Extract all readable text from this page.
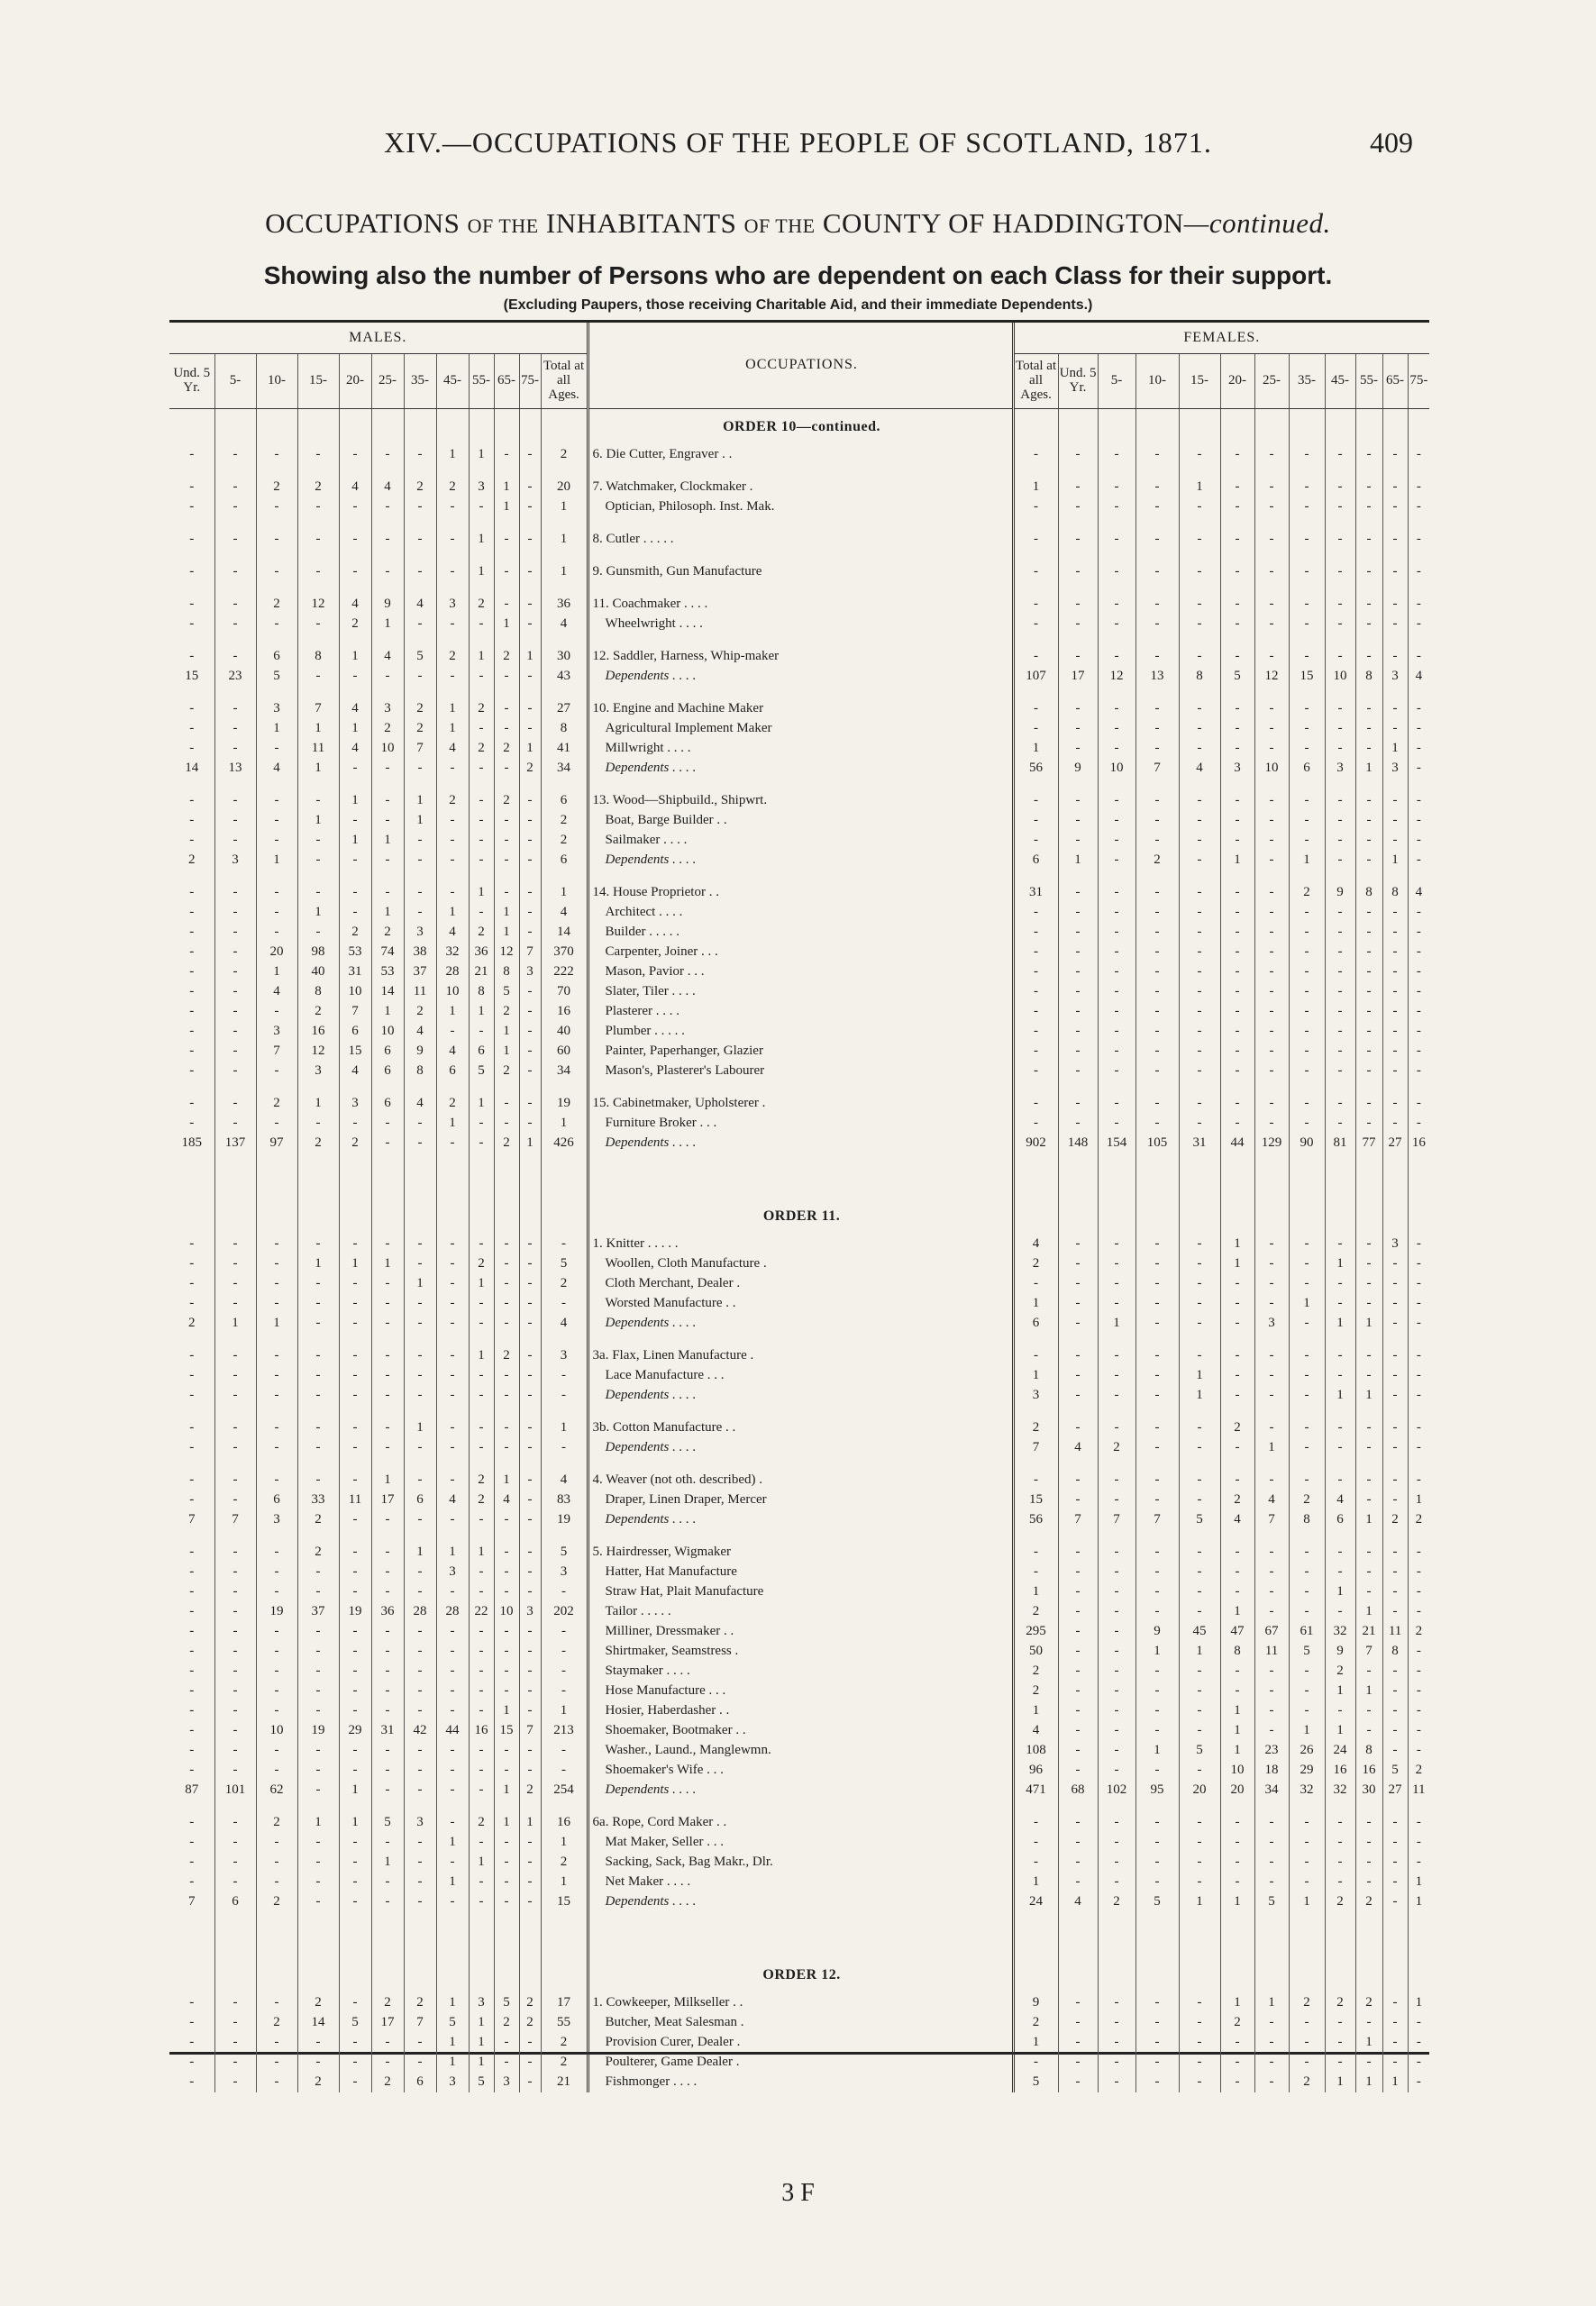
XIV.—OCCUPATIONS OF THE PEOPLE OF SCOTLAND, 1871.	409
OCCUPATIONS OF THE INHABITANTS OF THE COUNTY OF HADDINGTON—continued.
Showing also the number of Persons who are dependent on each Class for their support.
(Excluding Paupers, those receiving Charitable Aid, and their immediate Dependents.)
MALES.												OCCUPATIONS.	FEMALES.											
Und. 5 Yr.	5-	10-	15-	20-	25-	35-	45-	55-	65-	75-	Total at all Ages.		Total at all Ages.	Und. 5 Yr.	5-	10-	15-	20-	25-	35-	45-	55-	65-	75-
												ORDER 10—continued.												
-	-	-	-	-	-	-	1	1	-	-	2	6. Die Cutter, Engraver . .	-	-	-	-	-	-	-	-	-	-	-	-

-	-	2	2	4	4	2	2	3	1	-	20	7. Watchmaker, Clockmaker .	1	-	-	-	1	-	-	-	-	-	-	-
-	-	-	-	-	-	-	-	-	1	-	1	Optician, Philosoph. Inst. Mak.	-	-	-	-	-	-	-	-	-	-	-	-

-	-	-	-	-	-	-	-	1	-	-	1	8. Cutler . . . . .	-	-	-	-	-	-	-	-	-	-	-	-

-	-	-	-	-	-	-	-	1	-	-	1	9. Gunsmith, Gun Manufacture	-	-	-	-	-	-	-	-	-	-	-	-

-	-	2	12	4	9	4	3	2	-	-	36	11. Coachmaker . . . .	-	-	-	-	-	-	-	-	-	-	-	-
-	-	-	-	2	1	-	-	-	1	-	4	Wheelwright . . . .	-	-	-	-	-	-	-	-	-	-	-	-

-	-	6	8	1	4	5	2	1	2	1	30	12. Saddler, Harness, Whip-maker	-	-	-	-	-	-	-	-	-	-	-	-
15	23	5	-	-	-	-	-	-	-	-	43	Dependents . . . .	107	17	12	13	8	5	12	15	10	8	3	4

-	-	3	7	4	3	2	1	2	-	-	27	10. Engine and Machine Maker	-	-	-	-	-	-	-	-	-	-	-	-
-	-	1	1	1	2	2	1	-	-	-	8	Agricultural Implement Maker	-	-	-	-	-	-	-	-	-	-	-	-
-	-	-	11	4	10	7	4	2	2	1	41	Millwright . . . .	1	-	-	-	-	-	-	-	-	-	1	-
14	13	4	1	-	-	-	-	-	-	2	34	Dependents . . . .	56	9	10	7	4	3	10	6	3	1	3	-

-	-	-	-	1	-	1	2	-	2	-	6	13. Wood—Shipbuild., Shipwrt.	-	-	-	-	-	-	-	-	-	-	-	-
-	-	-	1	-	-	1	-	-	-	-	2	Boat, Barge Builder . .	-	-	-	-	-	-	-	-	-	-	-	-
-	-	-	-	1	1	-	-	-	-	-	2	Sailmaker . . . .	-	-	-	-	-	-	-	-	-	-	-	-
2	3	1	-	-	-	-	-	-	-	-	6	Dependents . . . .	6	1	-	2	-	1	-	1	-	-	1	-

-	-	-	-	-	-	-	-	1	-	-	1	14. House Proprietor . .	31	-	-	-	-	-	-	2	9	8	8	4
-	-	-	1	-	1	-	1	-	1	-	4	Architect . . . .	-	-	-	-	-	-	-	-	-	-	-	-
-	-	-	-	2	2	3	4	2	1	-	14	Builder . . . . .	-	-	-	-	-	-	-	-	-	-	-	-
-	-	20	98	53	74	38	32	36	12	7	370	Carpenter, Joiner . . .	-	-	-	-	-	-	-	-	-	-	-	-
-	-	1	40	31	53	37	28	21	8	3	222	Mason, Pavior . . .	-	-	-	-	-	-	-	-	-	-	-	-
-	-	4	8	10	14	11	10	8	5	-	70	Slater, Tiler . . . .	-	-	-	-	-	-	-	-	-	-	-	-
-	-	-	2	7	1	2	1	1	2	-	16	Plasterer . . . .	-	-	-	-	-	-	-	-	-	-	-	-
-	-	3	16	6	10	4	-	-	1	-	40	Plumber . . . . .	-	-	-	-	-	-	-	-	-	-	-	-
-	-	7	12	15	6	9	4	6	1	-	60	Painter, Paperhanger, Glazier	-	-	-	-	-	-	-	-	-	-	-	-
-	-	-	3	4	6	8	6	5	2	-	34	Mason's, Plasterer's Labourer	-	-	-	-	-	-	-	-	-	-	-	-

-	-	2	1	3	6	4	2	1	-	-	19	15. Cabinetmaker, Upholsterer .	-	-	-	-	-	-	-	-	-	-	-	-
-	-	-	-	-	-	-	1	-	-	-	1	Furniture Broker . . .	-	-	-	-	-	-	-	-	-	-	-	-
185	137	97	2	2	-	-	-	-	2	1	426	Dependents . . . .	902	148	154	105	31	44	129	90	81	77	27	16

												ORDER 11.												
-	-	-	-	-	-	-	-	-	-	-	-	1. Knitter . . . . .	4	-	-	-	-	1	-	-	-	-	3	-
-	-	-	1	1	1	-	-	2	-	-	5	Woollen, Cloth Manufacture .	2	-	-	-	-	1	-	-	1	-	-	-
-	-	-	-	-	-	1	-	1	-	-	2	Cloth Merchant, Dealer .	-	-	-	-	-	-	-	-	-	-	-	-
-	-	-	-	-	-	-	-	-	-	-	-	Worsted Manufacture . .	1	-	-	-	-	-	-	1	-	-	-	-
2	1	1	-	-	-	-	-	-	-	-	4	Dependents . . . .	6	-	1	-	-	-	3	-	1	1	-	-

-	-	-	-	-	-	-	-	1	2	-	3	3a. Flax, Linen Manufacture .	-	-	-	-	-	-	-	-	-	-	-	-
-	-	-	-	-	-	-	-	-	-	-	-	Lace Manufacture . . .	1	-	-	-	1	-	-	-	-	-	-	-
-	-	-	-	-	-	-	-	-	-	-	-	Dependents . . . .	3	-	-	-	1	-	-	-	1	1	-	-

-	-	-	-	-	-	1	-	-	-	-	1	3b. Cotton Manufacture . .	2	-	-	-	-	2	-	-	-	-	-	-
-	-	-	-	-	-	-	-	-	-	-	-	Dependents . . . .	7	4	2	-	-	-	1	-	-	-	-	-

-	-	-	-	-	1	-	-	2	1	-	4	4. Weaver (not oth. described) .	-	-	-	-	-	-	-	-	-	-	-	-
-	-	6	33	11	17	6	4	2	4	-	83	Draper, Linen Draper, Mercer	15	-	-	-	-	2	4	2	4	-	-	1
7	7	3	2	-	-	-	-	-	-	-	19	Dependents . . . .	56	7	7	7	5	4	7	8	6	1	2	2

-	-	-	2	-	-	1	1	1	-	-	5	5. Hairdresser, Wigmaker	-	-	-	-	-	-	-	-	-	-	-	-
-	-	-	-	-	-	-	3	-	-	-	3	Hatter, Hat Manufacture	-	-	-	-	-	-	-	-	-	-	-	-
-	-	-	-	-	-	-	-	-	-	-	-	Straw Hat, Plait Manufacture	1	-	-	-	-	-	-	-	1	-	-	-
-	-	19	37	19	36	28	28	22	10	3	202	Tailor . . . . .	2	-	-	-	-	1	-	-	-	1	-	-
-	-	-	-	-	-	-	-	-	-	-	-	Milliner, Dressmaker . .	295	-	-	9	45	47	67	61	32	21	11	2
-	-	-	-	-	-	-	-	-	-	-	-	Shirtmaker, Seamstress .	50	-	-	1	1	8	11	5	9	7	8	-
-	-	-	-	-	-	-	-	-	-	-	-	Staymaker . . . .	2	-	-	-	-	-	-	-	2	-	-	-
-	-	-	-	-	-	-	-	-	-	-	-	Hose Manufacture . . .	2	-	-	-	-	-	-	-	1	1	-	-
-	-	-	-	-	-	-	-	-	1	-	1	Hosier, Haberdasher . .	1	-	-	-	-	1	-	-	-	-	-	-
-	-	10	19	29	31	42	44	16	15	7	213	Shoemaker, Bootmaker . .	4	-	-	-	-	1	-	1	1	-	-	-
-	-	-	-	-	-	-	-	-	-	-	-	Washer., Laund., Manglewmn.	108	-	-	1	5	1	23	26	24	8	-	-
-	-	-	-	-	-	-	-	-	-	-	-	Shoemaker's Wife . . .	96	-	-	-	-	10	18	29	16	16	5	2
87	101	62	-	1	-	-	-	-	1	2	254	Dependents . . . .	471	68	102	95	20	20	34	32	32	30	27	11

-	-	2	1	1	5	3	-	2	1	1	16	6a. Rope, Cord Maker . .	-	-	-	-	-	-	-	-	-	-	-	-
-	-	-	-	-	-	-	1	-	-	-	1	Mat Maker, Seller . . .	-	-	-	-	-	-	-	-	-	-	-	-
-	-	-	-	-	1	-	-	1	-	-	2	Sacking, Sack, Bag Makr., Dlr.	-	-	-	-	-	-	-	-	-	-	-	-
-	-	-	-	-	-	-	1	-	-	-	1	Net Maker . . . .	1	-	-	-	-	-	-	-	-	-	-	1
7	6	2	-	-	-	-	-	-	-	-	15	Dependents . . . .	24	4	2	5	1	1	5	1	2	2	-	1

												ORDER 12.												
-	-	-	2	-	2	2	1	3	5	2	17	1. Cowkeeper, Milkseller . .	9	-	-	-	-	1	1	2	2	2	-	1
-	-	2	14	5	17	7	5	1	2	2	55	Butcher, Meat Salesman .	2	-	-	-	-	2	-	-	-	-	-	-
-	-	-	-	-	-	-	1	1	-	-	2	Provision Curer, Dealer .	1	-	-	-	-	-	-	-	-	1	-	-
-	-	-	-	-	-	-	1	1	-	-	2	Poulterer, Game Dealer .	-	-	-	-	-	-	-	-	-	-	-	-
-	-	-	2	-	2	6	3	5	3	-	21	Fishmonger . . . .	5	-	-	-	-	-	-	2	1	1	1	-
3 F
